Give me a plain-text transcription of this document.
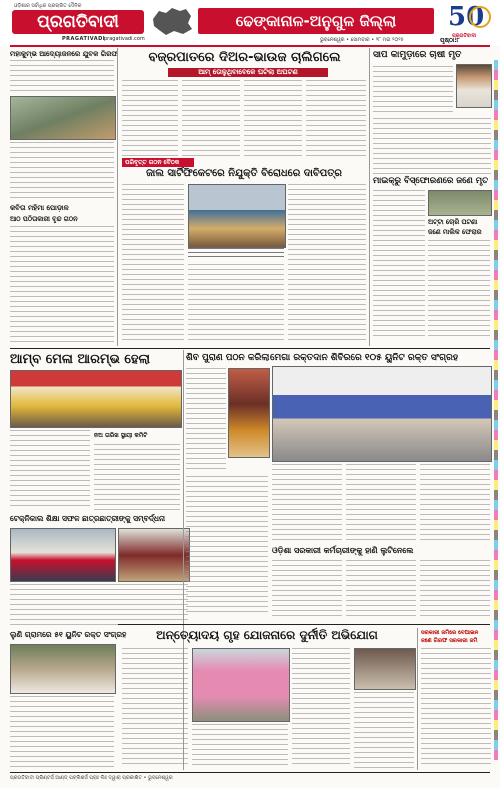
ଓଡ଼ିଶାର ସର୍ବାଧିକ ପ୍ରଚାରିତ ଦୈନିକ
ପ୍ରଗତିବାଦୀ
PRAGATIVADI
pragativadi.com
ଢେଙ୍କାନାଳ-ଅନୁଗୁଳ ଜିଲ୍ଲା	50
ପ୍ରଗତିବାଦୀ
ଭୁବନେଶ୍ୱର • ସୋମବାର • ୨୮ ମଇ ୨୦୨୫	ପୃଷ୍ଠା:୮
ମହାକୁମ୍ଭ ଆଦ୍ୟୋଜନରେ ଯୁବକ ଗିରଫ
କବିତା ମହିମା ପୋଡ଼ାଳ
ଆଠ ପଠିତାକାରୀ ବୃନ୍ଦ ଗଠନ
ବଜ୍ରପାତରେ ଦିଅର-ଭାଉଜ ଚାଲିଗଲେ
ଆମ୍ ତୋଳୁଥିବାବେଳେ ଘଟିଲା ଅଘଟଣ
ପରିବୃତ୍ତ ଗଠନ ବୈଠକ
ଜାଲ ସାର୍ଟିଫିକେଟରେ ନିଯୁକ୍ତି ବିରୋଧରେ ଦାବିପତ୍ର
ସାପ କାମୁଡ଼ାରେ ଚାଷୀ ମୃତ
ମାଇକ୍ରୁ ବିସ୍ଫୋରଣରେ ଜଣେ ମୃତ
ଅଟ୍ଟା ଚୋରି ଘଟଣା
ଜଣେ ମାଲିକ ଫେରାର
ଆମ୍ବ ମେଳା ଆରମ୍ଭ ହେଲା	ଶିବ ପୁରାଣ ପଠନ କରିଲା ମେଗା ରକ୍ତଦାନ ଶିବିରରେ ୧୦୫ ୟୁନିଟ ରକ୍ତ ସଂଗ୍ରହ
ନଅ ତାରିଖ ସ୍ଥାୟୀ କମିଟି
ଟେକ୍ନିକାଲ ଶିକ୍ଷା ସଫଳ ଛାତ୍ରଛାତ୍ରୀଙ୍କୁ ସମ୍ବର୍ଦ୍ଧନା
ଲୁଣି ଗ୍ରାମରେ ୫୧ ୟୁନିଟ ରକ୍ତ ସଂଗ୍ରହ
ଓଡ଼ିଶା ସରକାରୀ କର୍ମଚାରୀଙ୍କୁ ହାଣି ଲୁଟିନେଲେ
ଅନ୍ତ୍ୟୋଦୟ ଗୃହ ଯୋଜନାରେ ଦୁର୍ନୀତି ଅଭିଯୋଗ	ସରକାରୀ ଜମିରେ ବେଆଇନ
ଜଣେ ଗିରଫ ସରକାରୀ ଜମି
ପ୍ରଗତିବାଦୀ ପ୍ରିଣ୍ଟର୍ସ ଆଣ୍ଡ୍ ପବ୍ଲିଶର୍ସ ପ୍ରାଃ ଲିଃ ଦ୍ୱାରା ପ୍ରକାଶିତ • ଭୁବନେଶ୍ୱର
